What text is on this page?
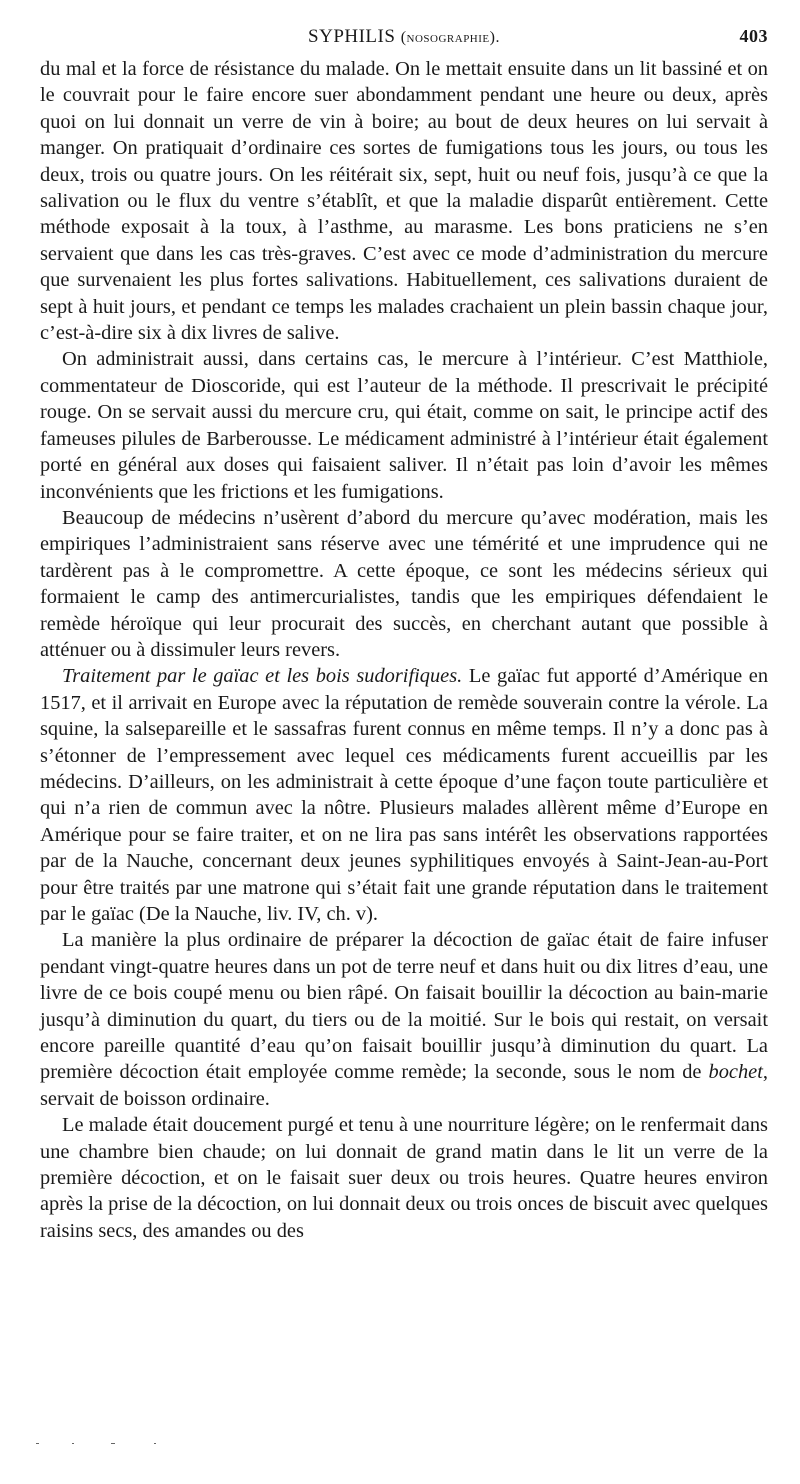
SYPHILIS (nosographie).	403

du mal et la force de résistance du malade. On le mettait ensuite dans un lit bassiné et on le couvrait pour le faire encore suer abondamment pendant une heure ou deux, après quoi on lui donnait un verre de vin à boire; au bout de deux heures on lui servait à manger. On pratiquait d’ordinaire ces sortes de fumigations tous les jours, ou tous les deux, trois ou quatre jours. On les réitérait six, sept, huit ou neuf fois, jusqu’à ce que la salivation ou le flux du ventre s’établît, et que la maladie disparût entièrement. Cette méthode exposait à la toux, à l’asthme, au marasme. Les bons praticiens ne s’en servaient que dans les cas très-graves. C’est avec ce mode d’administration du mercure que survenaient les plus fortes salivations. Habituellement, ces salivations duraient de sept à huit jours, et pendant ce temps les malades crachaient un plein bassin chaque jour, c’est-à-dire six à dix livres de salive.

On administrait aussi, dans certains cas, le mercure à l’intérieur. C’est Matthiole, commentateur de Dioscoride, qui est l’auteur de la méthode. Il prescrivait le précipité rouge. On se servait aussi du mercure cru, qui était, comme on sait, le principe actif des fameuses pilules de Barberousse. Le médicament administré à l’intérieur était également porté en général aux doses qui faisaient saliver. Il n’était pas loin d’avoir les mêmes inconvénients que les frictions et les fumigations.

Beaucoup de médecins n’usèrent d’abord du mercure qu’avec modération, mais les empiriques l’administraient sans réserve avec une témérité et une imprudence qui ne tardèrent pas à le compromettre. A cette époque, ce sont les médecins sérieux qui formaient le camp des antimercurialistes, tandis que les empiriques défendaient le remède héroïque qui leur procurait des succès, en cherchant autant que possible à atténuer ou à dissimuler leurs revers.

Traitement par le gaïac et les bois sudorifiques. Le gaïac fut apporté d’Amérique en 1517, et il arrivait en Europe avec la réputation de remède souverain contre la vérole. La squine, la salsepareille et le sassafras furent connus en même temps. Il n’y a donc pas à s’étonner de l’empressement avec lequel ces médicaments furent accueillis par les médecins. D’ailleurs, on les administrait à cette époque d’une façon toute particulière et qui n’a rien de commun avec la nôtre. Plusieurs malades allèrent même d’Europe en Amérique pour se faire traiter, et on ne lira pas sans intérêt les observations rapportées par de la Nauche, concernant deux jeunes syphilitiques envoyés à Saint-Jean-au-Port pour être traités par une matrone qui s’était fait une grande réputation dans le traitement par le gaïac (De la Nauche, liv. IV, ch. v).

La manière la plus ordinaire de préparer la décoction de gaïac était de faire infuser pendant vingt-quatre heures dans un pot de terre neuf et dans huit ou dix litres d’eau, une livre de ce bois coupé menu ou bien râpé. On faisait bouillir la décoction au bain-marie jusqu’à diminution du quart, du tiers ou de la moitié. Sur le bois qui restait, on versait encore pareille quantité d’eau qu’on faisait bouillir jusqu’à diminution du quart. La première décoction était employée comme remède; la seconde, sous le nom de bochet, servait de boisson ordinaire.

Le malade était doucement purgé et tenu à une nourriture légère; on le renfermait dans une chambre bien chaude; on lui donnait de grand matin dans le lit un verre de la première décoction, et on le faisait suer deux ou trois heures. Quatre heures environ après la prise de la décoction, on lui donnait deux ou trois onces de biscuit avec quelques raisins secs, des amandes ou des
